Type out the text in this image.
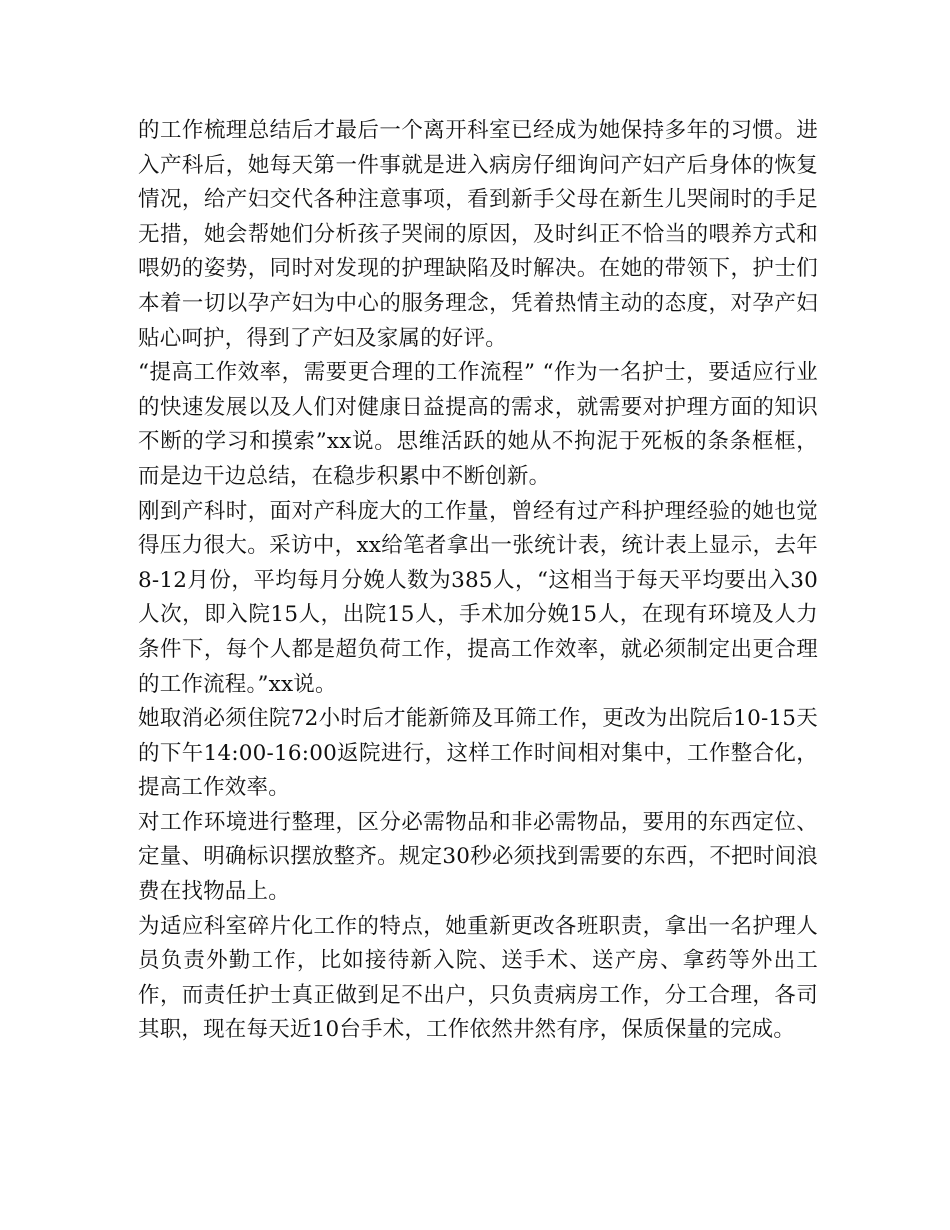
的工作梳理总结后才最后一个离开科室已经成为她保持多年的习惯。进入产科后，她每天第一件事就是进入病房仔细询问产妇产后身体的恢复情况，给产妇交代各种注意事项，看到新手父母在新生儿哭闹时的手足无措，她会帮她们分析孩子哭闹的原因，及时纠正不恰当的喂养方式和喂奶的姿势，同时对发现的护理缺陷及时解决。在她的带领下，护士们本着一切以孕产妇为中心的服务理念，凭着热情主动的态度，对孕产妇贴心呵护，得到了产妇及家属的好评。

“提高工作效率，需要更合理的工作流程” “作为一名护士，要适应行业的快速发展以及人们对健康日益提高的需求，就需要对护理方面的知识不断的学习和摸索”xx说。思维活跃的她从不拘泥于死板的条条框框，而是边干边总结，在稳步积累中不断创新。

刚到产科时，面对产科庞大的工作量，曾经有过产科护理经验的她也觉得压力很大。采访中，xx给笔者拿出一张统计表，统计表上显示，去年8-12月份，平均每月分娩人数为385人，“这相当于每天平均要出入30人次，即入院15人，出院15人，手术加分娩15人，在现有环境及人力条件下，每个人都是超负荷工作，提高工作效率，就必须制定出更合理的工作流程。”xx说。

她取消必须住院72小时后才能新筛及耳筛工作，更改为出院后10-15天的下午14:00-16:00返院进行，这样工作时间相对集中，工作整合化，提高工作效率。

对工作环境进行整理，区分必需物品和非必需物品，要用的东西定位、定量、明确标识摆放整齐。规定30秒必须找到需要的东西，不把时间浪费在找物品上。

为适应科室碎片化工作的特点，她重新更改各班职责，拿出一名护理人员负责外勤工作，比如接待新入院、送手术、送产房、拿药等外出工作，而责任护士真正做到足不出户，只负责病房工作，分工合理，各司其职，现在每天近10台手术，工作依然井然有序，保质保量的完成。
